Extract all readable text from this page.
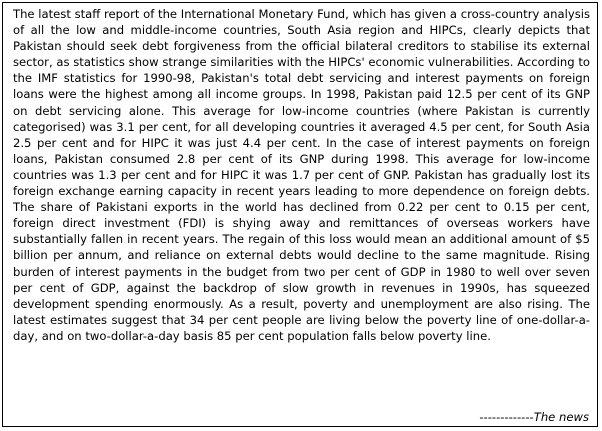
The latest staff report of the International Monetary Fund, which has given a cross-country analysis of all the low and middle-income countries, South Asia region and HIPCs, clearly depicts that Pakistan should seek debt forgiveness from the official bilateral creditors to stabilise its external sector, as statistics show strange similarities with the HIPCs' economic vulnerabilities. According to the IMF statistics for 1990-98, Pakistan's total debt servicing and interest payments on foreign loans were the highest among all income groups. In 1998, Pakistan paid 12.5 per cent of its GNP on debt servicing alone. This average for low-income countries (where Pakistan is currently categorised) was 3.1 per cent, for all developing countries it averaged 4.5 per cent, for South Asia 2.5 per cent and for HIPC it was just 4.4 per cent. In the case of interest payments on foreign loans, Pakistan consumed 2.8 per cent of its GNP during 1998. This average for low-income countries was 1.3 per cent and for HIPC it was 1.7 per cent of GNP. Pakistan has gradually lost its foreign exchange earning capacity in recent years leading to more dependence on foreign debts. The share of Pakistani exports in the world has declined from 0.22 per cent to 0.15 per cent, foreign direct investment (FDI) is shying away and remittances of overseas workers have substantially fallen in recent years. The regain of this loss would mean an additional amount of $5 billion per annum, and reliance on external debts would decline to the same magnitude. Rising burden of interest payments in the budget from two per cent of GDP in 1980 to well over seven per cent of GDP, against the backdrop of slow growth in revenues in 1990s, has squeezed development spending enormously. As a result, poverty and unemployment are also rising. The latest estimates suggest that 34 per cent people are living below the poverty line of one-dollar-a-day, and on two-dollar-a-day basis 85 per cent population falls below poverty line.

-------------The news
